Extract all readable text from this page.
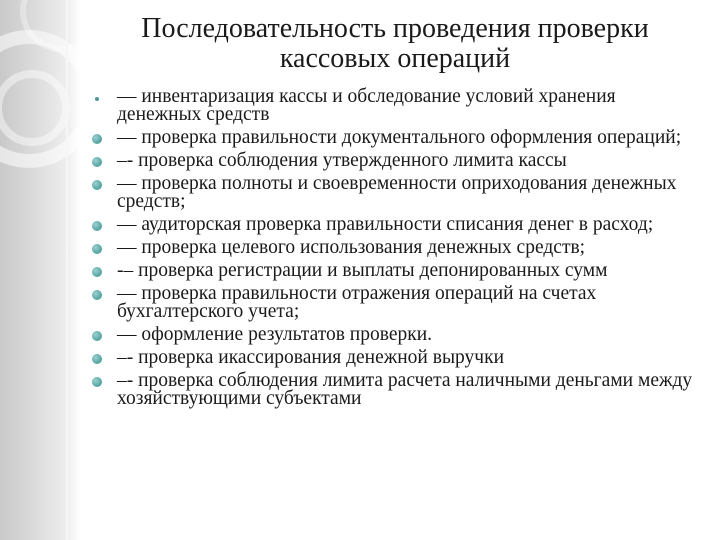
Последовательность проведения проверки кассовых операций
— инвентаризация кассы и обследование условий хранения денежных средств
— проверка правильности документального оформления операций;
–- проверка соблюдения утвержденного лимита кассы
— проверка полноты и своевременности оприходования денежных средств;
— аудиторская проверка правильности списания денег в расход;
— проверка целевого использования денежных средств;
-– проверка регистрации и выплаты депонированных сумм
— проверка правильности отражения операций на счетах бухгалтерского учета;
— оформление результатов проверки.
–- проверка икассирования денежной выручки
–- проверка соблюдения лимита расчета наличными деньгами между хозяйствующими субъектами
